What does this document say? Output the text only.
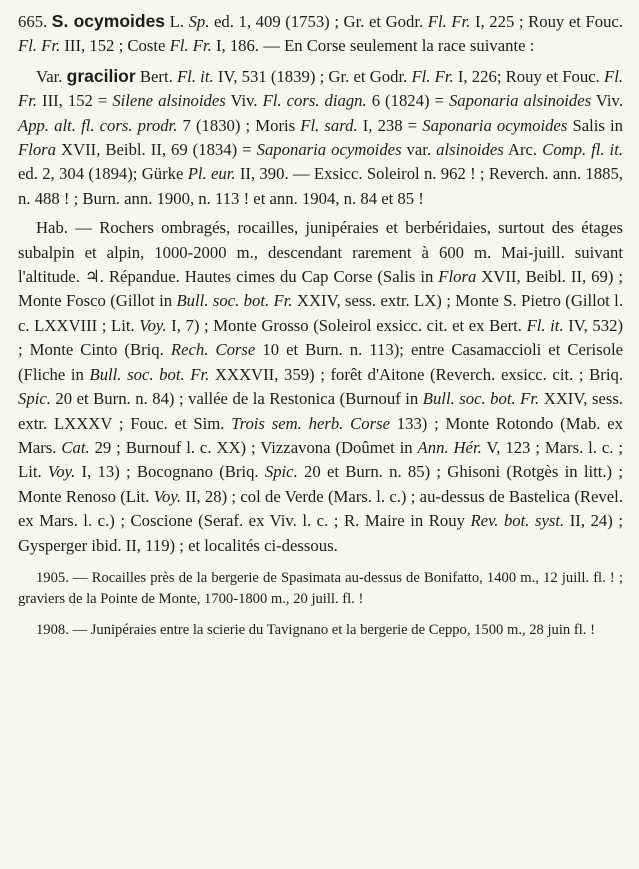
665. S. ocymoides L. Sp. ed. 1, 409 (1753) ; Gr. et Godr. Fl. Fr. I, 225 ; Rouy et Fouc. Fl. Fr. III, 152 ; Coste Fl. Fr. I, 186. — En Corse seulement la race suivante :

Var. gracilior Bert. Fl. it. IV, 531 (1839) ; Gr. et Godr. Fl. Fr. I, 226; Rouy et Fouc. Fl. Fr. III, 152 = Silene alsinoides Viv. Fl. cors. diagn. 6 (1824) = Saponaria alsinoides Viv. App. alt. fl. cors. prodr. 7 (1830) ; Moris Fl. sard. I, 238 = Saponaria ocymoides Salis in Flora XVII, Beibl. II, 69 (1834) = Saponaria ocymoides var. alsinoides Arc. Comp. fl. it. ed. 2, 304 (1894); Gürke Pl. eur. II, 390. — Exsicc. Soleirol n. 962 ! ; Reverch. ann. 1885, n. 488 ! ; Burn. ann. 1900, n. 113 ! et ann. 1904, n. 84 et 85 !

Hab. — Rochers ombragés, rocailles, junipéraies et berbéridaies, surtout des étages subalpin et alpin, 1000-2000 m., descendant rarement à 600 m. Mai-juill. suivant l'altitude. ♃. Répandue. Hautes cimes du Cap Corse (Salis in Flora XVII, Beibl. II, 69) ; Monte Fosco (Gillot in Bull. soc. bot. Fr. XXIV, sess. extr. LX) ; Monte S. Pietro (Gillot l. c. LXXVIII ; Lit. Voy. I, 7) ; Monte Grosso (Soleirol exsicc. cit. et ex Bert. Fl. it. IV, 532) ; Monte Cinto (Briq. Rech. Corse 10 et Burn. n. 113); entre Casamaccioli et Cerisole (Fliche in Bull. soc. bot. Fr. XXXVII, 359) ; forêt d'Aitone (Reverch. exsicc. cit. ; Briq. Spic. 20 et Burn. n. 84) ; vallée de la Restonica (Burnouf in Bull. soc. bot. Fr. XXIV, sess. extr. LXXXV ; Fouc. et Sim. Trois sem. herb. Corse 133) ; Monte Rotondo (Mab. ex Mars. Cat. 29 ; Burnouf l. c. XX) ; Vizzavona (Doûmet in Ann. Hér. V, 123 ; Mars. l. c. ; Lit. Voy. I, 13) ; Bocognano (Briq. Spic. 20 et Burn. n. 85) ; Ghisoni (Rotgès in litt.) ; Monte Renoso (Lit. Voy. II, 28) ; col de Verde (Mars. l. c.) ; au-dessus de Bastelica (Revel. ex Mars. l. c.) ; Coscione (Seraf. ex Viv. l. c. ; R. Maire in Rouy Rev. bot. syst. II, 24) ; Gysperger ibid. II, 119) ; et localités ci-dessous.

1905. — Rocailles près de la bergerie de Spasimata au-dessus de Bonifatto, 1400 m., 12 juill. fl. ! ; graviers de la Pointe de Monte, 1700-1800 m., 20 juill. fl. !

1908. — Junipéraies entre la scierie du Tavignano et la bergerie de Ceppo, 1500 m., 28 juin fl. !
